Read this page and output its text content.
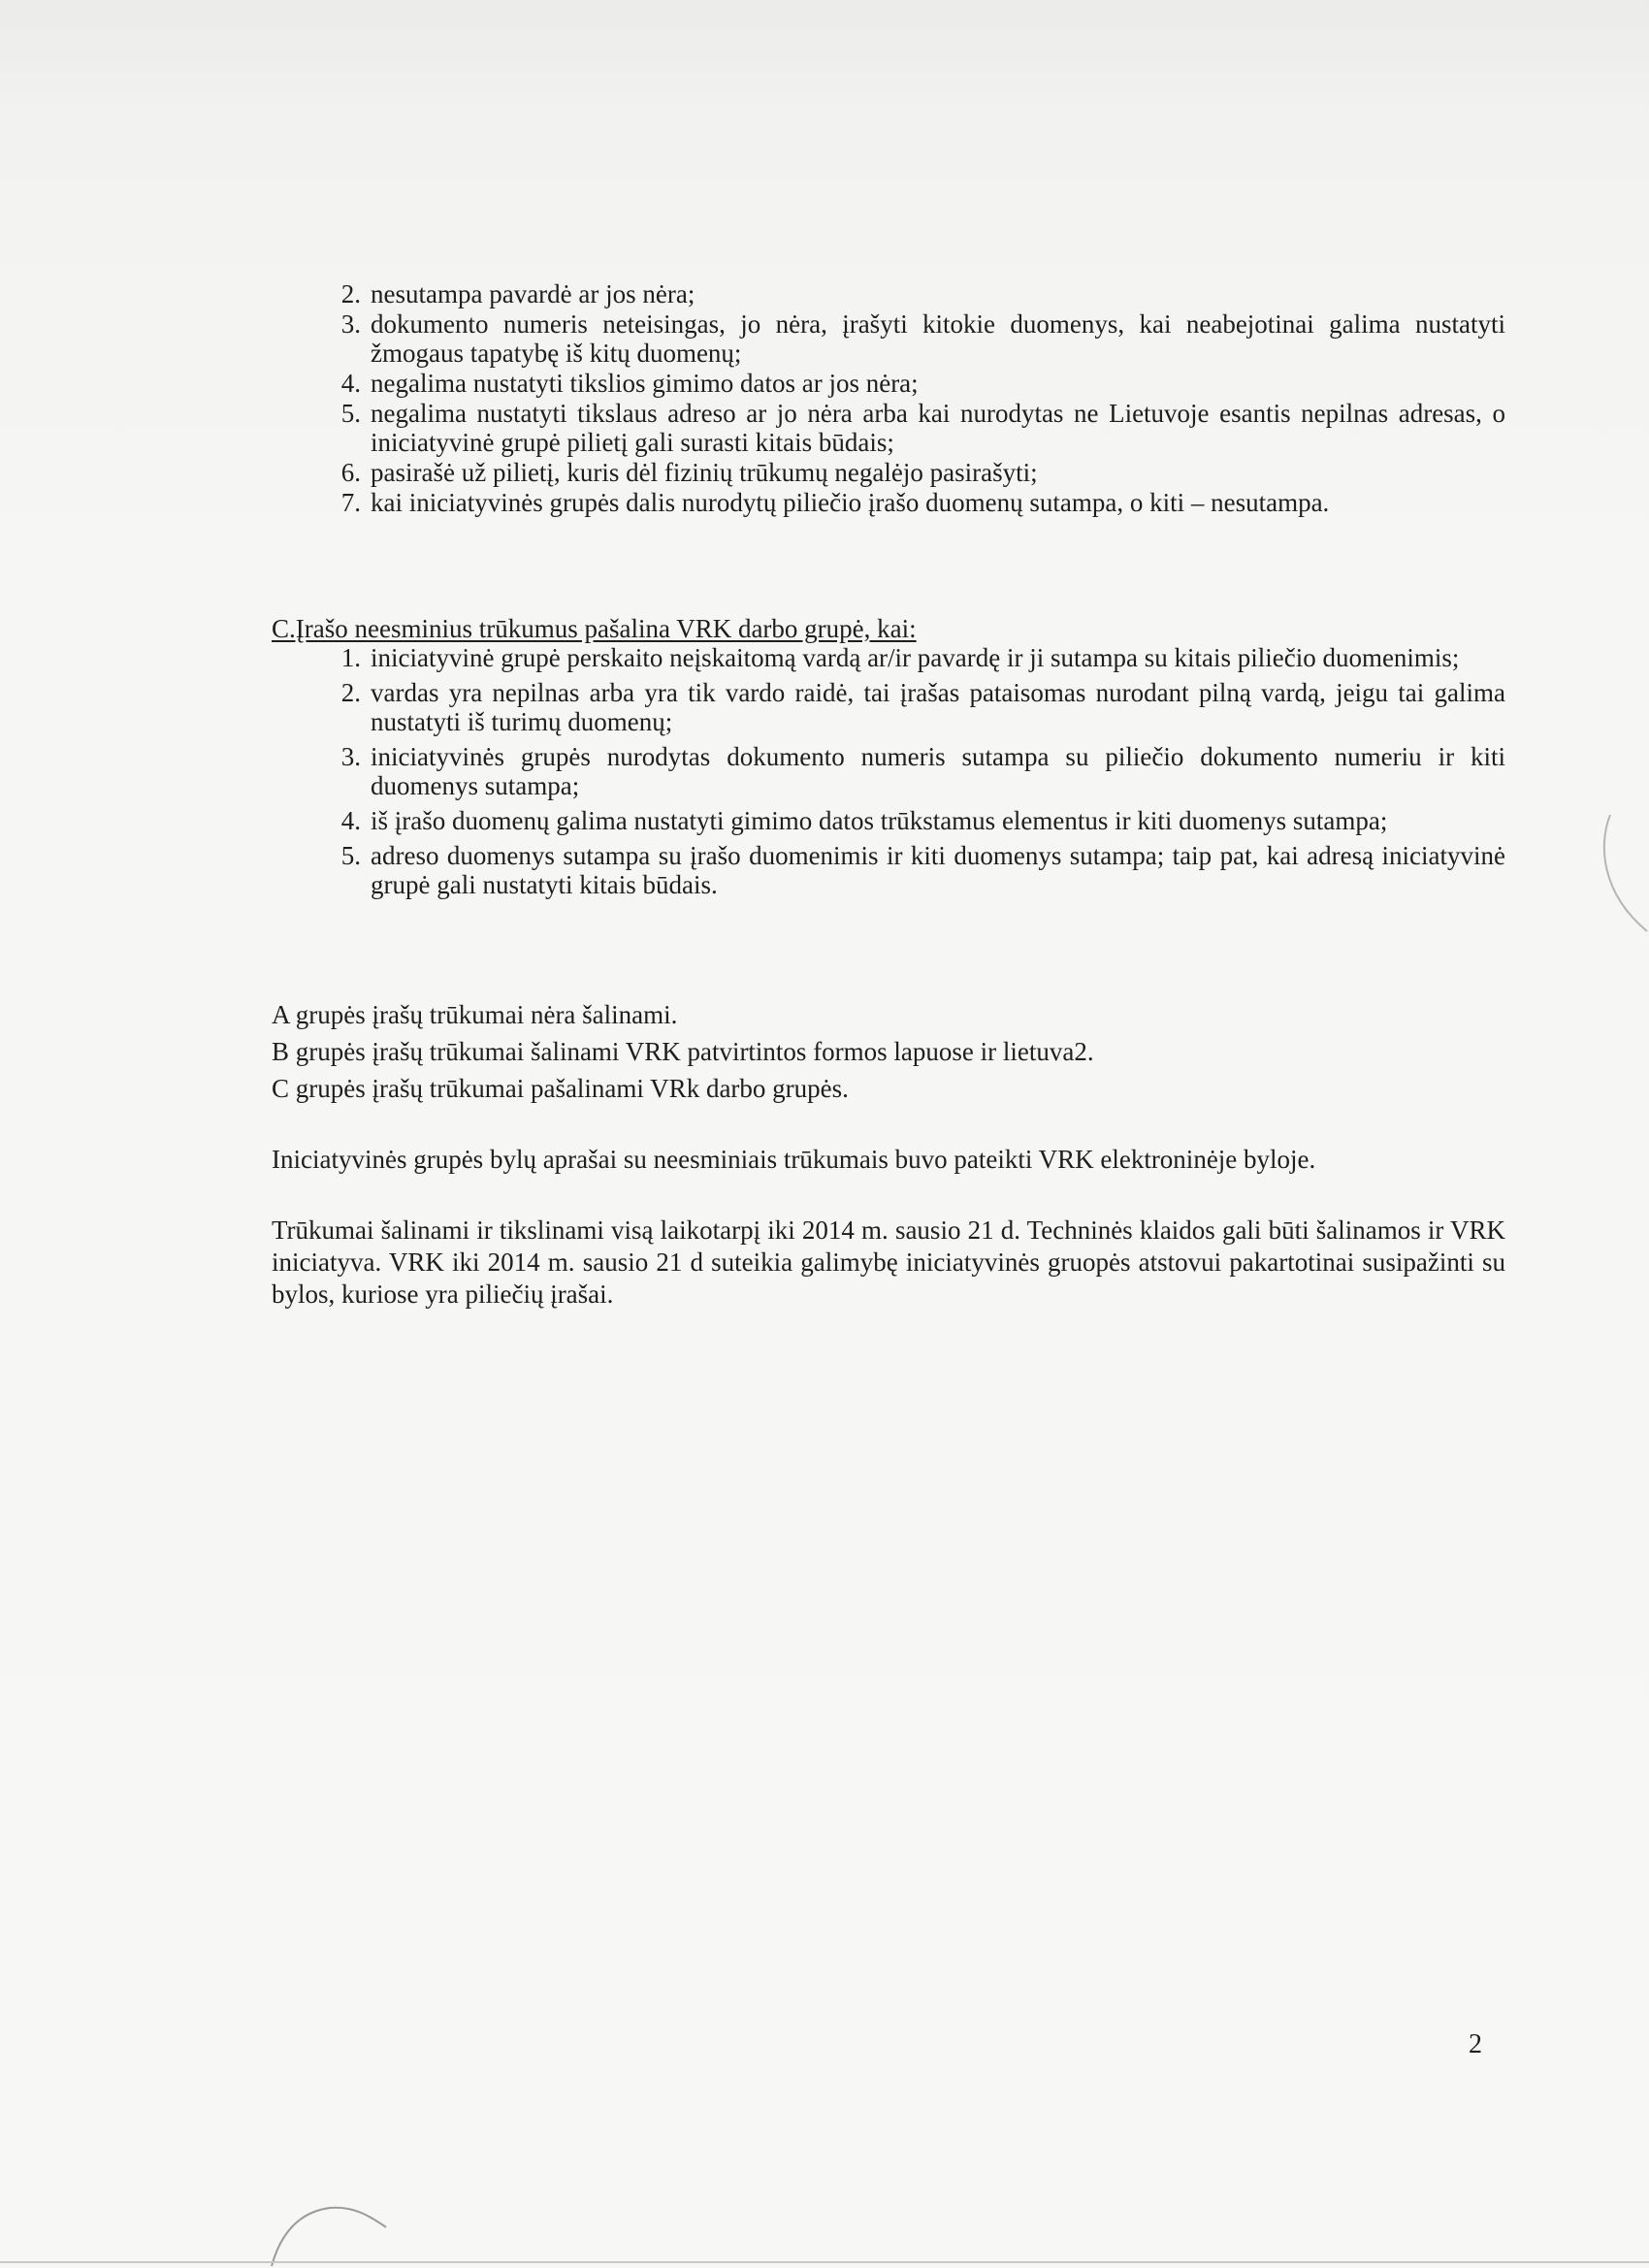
2. nesutampa pavardė ar jos nėra;
3. dokumento numeris neteisingas, jo nėra, įrašyti kitokie duomenys, kai neabejotinai galima nustatyti žmogaus tapatybę iš kitų duomenų;
4. negalima nustatyti tikslios gimimo datos ar jos nėra;
5. negalima nustatyti tikslaus adreso ar jo nėra arba kai nurodytas ne Lietuvoje esantis nepilnas adresas, o iniciatyvinė grupė pilietį gali surasti kitais būdais;
6. pasirašė už pilietį, kuris dėl fizinių trūkumų negalėjo pasirašyti;
7. kai iniciatyvinės grupės dalis nurodytų piliečio įrašo duomenų sutampa, o kiti – nesutampa.
C.Įrašo neesminius trūkumus pašalina VRK darbo grupė, kai:
1. iniciatyvinė grupė perskaito neįskaitomą vardą ar/ir pavardę ir ji sutampa su kitais piliečio duomenimis;
2. vardas yra nepilnas arba yra tik vardo raidė, tai įrašas pataisomas nurodant pilną vardą, jeigu tai galima nustatyti iš turimų duomenų;
3. iniciatyvinės grupės nurodytas dokumento numeris sutampa su piliečio dokumento numeriu ir kiti duomenys sutampa;
4. iš įrašo duomenų galima nustatyti gimimo datos trūkstamus elementus ir kiti duomenys sutampa;
5. adreso duomenys sutampa su įrašo duomenimis ir kiti duomenys sutampa; taip pat, kai adresą iniciatyvinė grupė gali nustatyti kitais būdais.

A grupės įrašų trūkumai nėra šalinami.

B grupės įrašų trūkumai šalinami VRK patvirtintos formos lapuose ir lietuva2.

C grupės įrašų trūkumai pašalinami VRk darbo grupės.

Iniciatyvinės grupės bylų aprašai su neesminiais trūkumais buvo pateikti VRK elektroninėje byloje.

Trūkumai šalinami ir tikslinami visą laikotarpį iki 2014 m. sausio 21 d. Techninės klaidos gali būti šalinamos ir VRK iniciatyva. VRK iki 2014 m. sausio 21 d suteikia galimybę iniciatyvinės gruopės atstovui pakartotinai susipažinti su bylos, kuriose yra piliečių įrašai.

2
